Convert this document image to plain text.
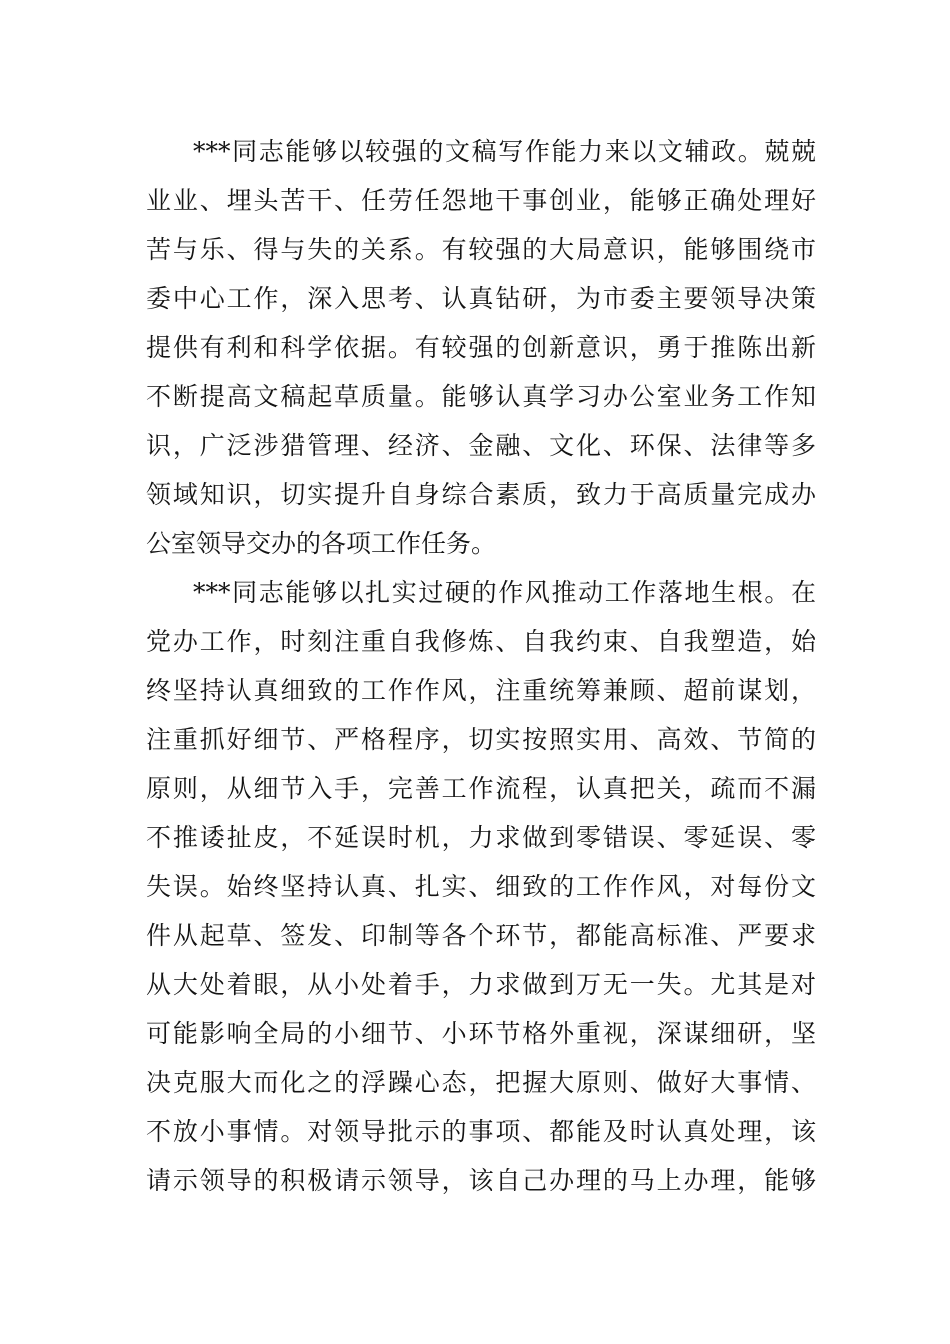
***同志能够以较强的文稿写作能力来以文辅政。兢兢
业业、埋头苦干、任劳任怨地干事创业，能够正确处理好
苦与乐、得与失的关系。有较强的大局意识，能够围绕市
委中心工作，深入思考、认真钻研，为市委主要领导决策
提供有利和科学依据。有较强的创新意识，勇于推陈出新
不断提高文稿起草质量。能够认真学习办公室业务工作知
识，广泛涉猎管理、经济、金融、文化、环保、法律等多
领域知识，切实提升自身综合素质，致力于高质量完成办
公室领导交办的各项工作任务。
***同志能够以扎实过硬的作风推动工作落地生根。在
党办工作，时刻注重自我修炼、自我约束、自我塑造，始
终坚持认真细致的工作作风，注重统筹兼顾、超前谋划，
注重抓好细节、严格程序，切实按照实用、高效、节简的
原则，从细节入手，完善工作流程，认真把关，疏而不漏
不推诿扯皮，不延误时机，力求做到零错误、零延误、零
失误。始终坚持认真、扎实、细致的工作作风，对每份文
件从起草、签发、印制等各个环节，都能高标准、严要求
从大处着眼，从小处着手，力求做到万无一失。尤其是对
可能影响全局的小细节、小环节格外重视，深谋细研，坚
决克服大而化之的浮躁心态，把握大原则、做好大事情、
不放小事情。对领导批示的事项、都能及时认真处理，该
请示领导的积极请示领导，该自己办理的马上办理，能够
